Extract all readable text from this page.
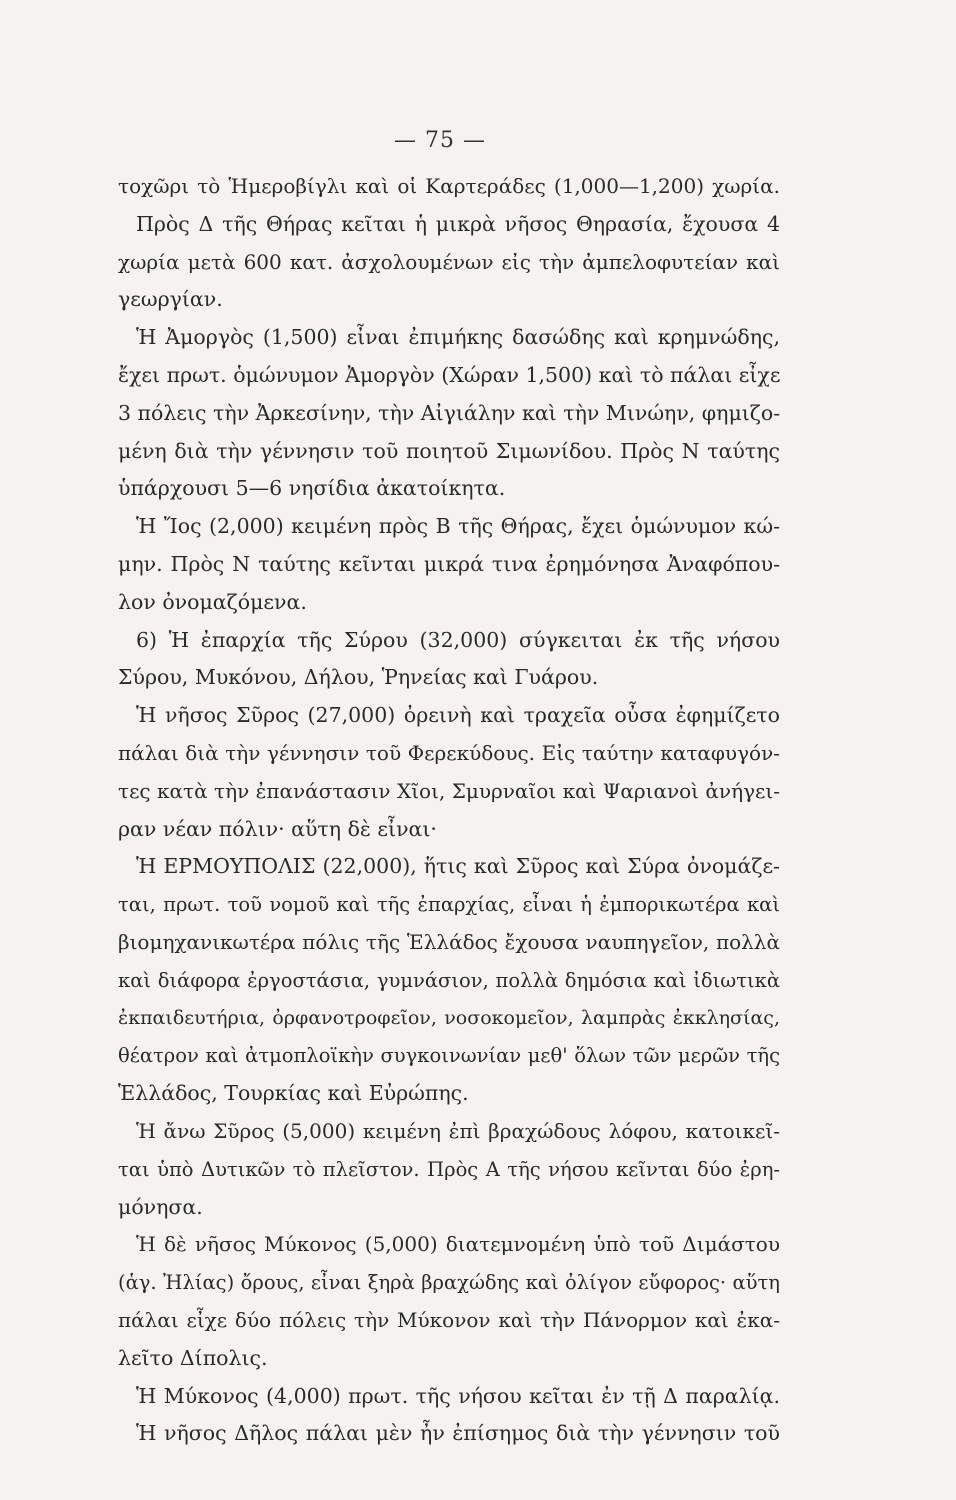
— 75 —
τοχῶρι τὸ Ἡμεροβίγλι καὶ οἱ Καρτεράδες (1,000—1,200) χωρία.
Πρὸς Δ τῆς Θήρας κεῖται ἡ μικρὰ νῆσος Θηρασία, ἔχουσα 4
χωρία μετὰ 600 κατ. ἀσχολουμένων εἰς τὴν ἀμπελοφυτείαν καὶ
γεωργίαν.
Ἡ Ἀμοργὸς (1,500) εἶναι ἐπιμήκης δασώδης καὶ κρημνώδης,
ἔχει πρωτ. ὁμώνυμον Ἀμοργὸν (Χώραν 1,500) καὶ τὸ πάλαι εἶχε
3 πόλεις τὴν Ἀρκεσίνην, τὴν Αἰγιάλην καὶ τὴν Μινώην, φημιζο-
μένη διὰ τὴν γέννησιν τοῦ ποιητοῦ Σιμωνίδου. Πρὸς Ν ταύτης
ὑπάρχουσι 5—6 νησίδια ἀκατοίκητα.
Ἡ Ἴος (2,000) κειμένη πρὸς Β τῆς Θήρας, ἔχει ὁμώνυμον κώ-
μην. Πρὸς Ν ταύτης κεῖνται μικρά τινα ἐρημόνησα Ἀναφόπου-
λον ὀνομαζόμενα.
6) Ἡ ἐπαρχία τῆς Σύρου (32,000) σύγκειται ἐκ τῆς νήσου
Σύρου, Μυκόνου, Δήλου, Ῥηνείας καὶ Γυάρου.
Ἡ νῆσος Σῦρος (27,000) ὀρεινὴ καὶ τραχεῖα οὖσα ἐφημίζετο
πάλαι διὰ τὴν γέννησιν τοῦ Φερεκύδους. Εἰς ταύτην καταφυγόν-
τες κατὰ τὴν ἐπανάστασιν Χῖοι, Σμυρναῖοι καὶ Ψαριανοὶ ἀνήγει-
ραν νέαν πόλιν· αὕτη δὲ εἶναι·
Ἡ ΕΡΜΟΥΠΟΛΙΣ (22,000), ἥτις καὶ Σῦρος καὶ Σύρα ὀνομάζε-
ται, πρωτ. τοῦ νομοῦ καὶ τῆς ἐπαρχίας, εἶναι ἡ ἐμπορικωτέρα καὶ
βιομηχανικωτέρα πόλις τῆς Ἑλλάδος ἔχουσα ναυπηγεῖον, πολλὰ
καὶ διάφορα ἐργοστάσια, γυμνάσιον, πολλὰ δημόσια καὶ ἰδιωτικὰ
ἐκπαιδευτήρια, ὀρφανοτροφεῖον, νοσοκομεῖον, λαμπρὰς ἐκκλησίας,
θέατρον καὶ ἀτμοπλοϊκὴν συγκοινωνίαν μεθ' ὅλων τῶν μερῶν τῆς
Ἑλλάδος, Τουρκίας καὶ Εὐρώπης.
Ἡ ἄνω Σῦρος (5,000) κειμένη ἐπὶ βραχώδους λόφου, κατοικεῖ-
ται ὑπὸ Δυτικῶν τὸ πλεῖστον. Πρὸς Α τῆς νήσου κεῖνται δύο ἐρη-
μόνησα.
Ἡ δὲ νῆσος Μύκονος (5,000) διατεμνομένη ὑπὸ τοῦ Διμάστου
(ἁγ. Ἠλίας) ὄρους, εἶναι ξηρὰ βραχώδης καὶ ὀλίγον εὔφορος· αὕτη
πάλαι εἶχε δύο πόλεις τὴν Μύκονον καὶ τὴν Πάνορμον καὶ ἐκα-
λεῖτο Δίπολις.
Ἡ Μύκονος (4,000) πρωτ. τῆς νήσου κεῖται ἐν τῇ Δ παραλίᾳ.
Ἡ νῆσος Δῆλος πάλαι μὲν ἦν ἐπίσημος διὰ τὴν γέννησιν τοῦ
